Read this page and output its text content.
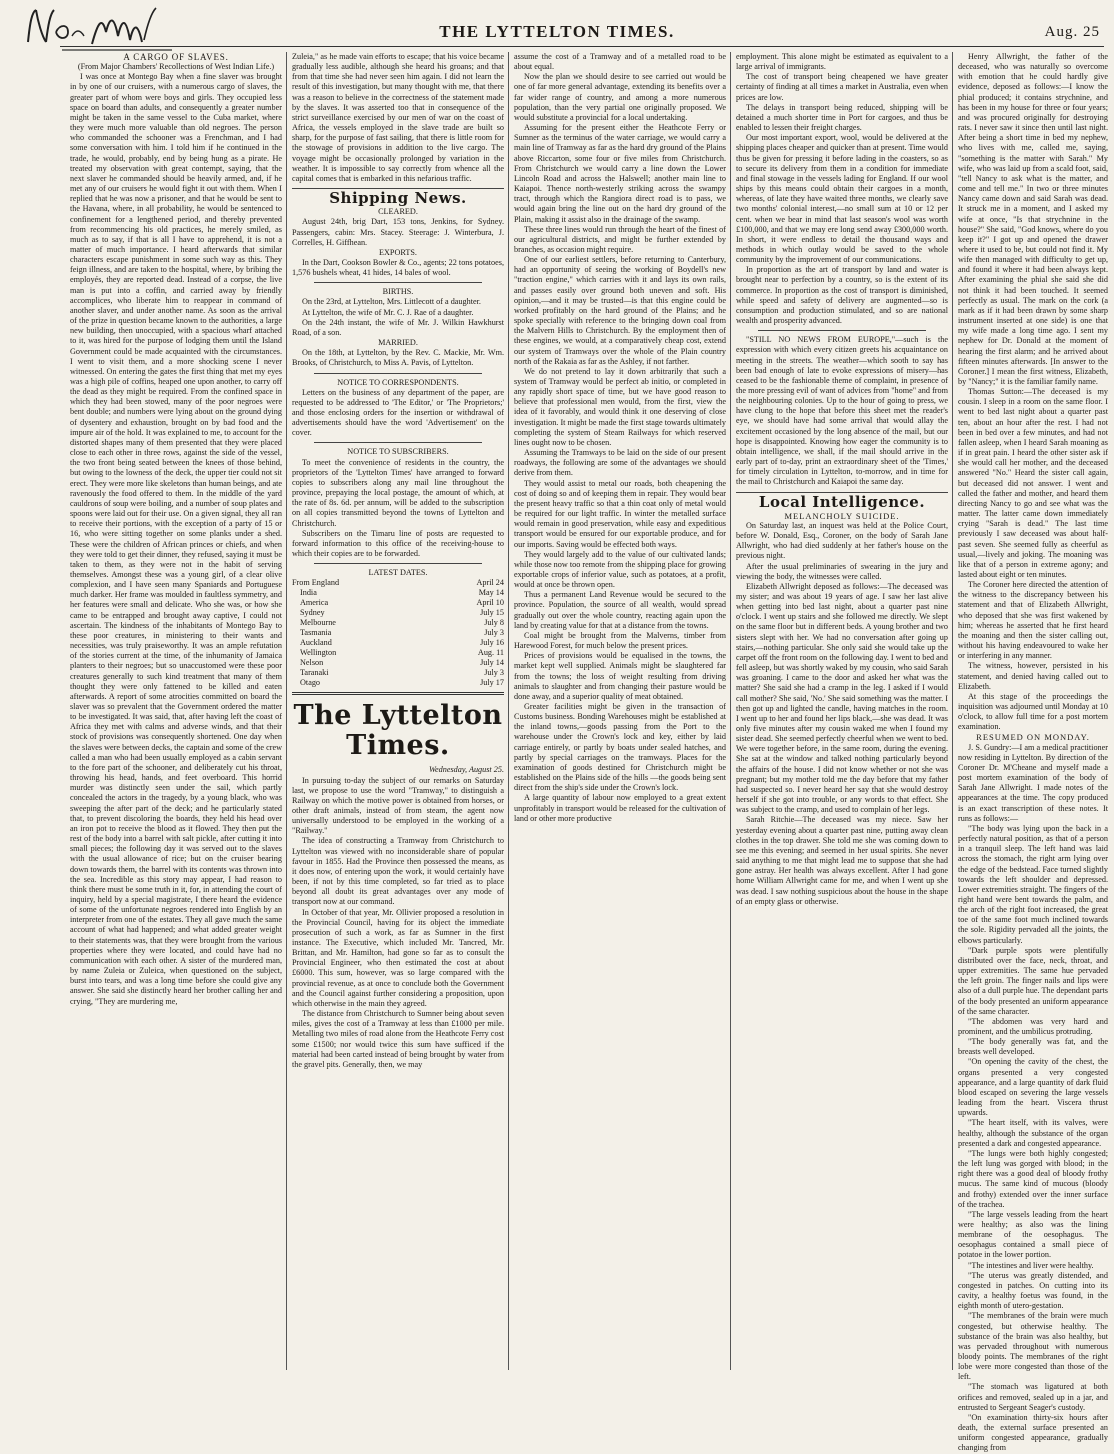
THE LYTTELTON TIMES.	Aug. 25

A CARGO OF SLAVES.

(From Major Chambers' Recollections of West Indian Life.)

I was once at Montego Bay when a fine slaver was brought in by one of our cruisers, with a numerous cargo of slaves, the greater part of whom were boys and girls. They occupied less space on board than adults, and consequently a greater number might be taken in the same vessel to the Cuba market, where they were much more valuable than old negroes. The person who commanded the schooner was a Frenchman, and I had some conversation with him. I told him if he continued in the trade, he would, probably, end by being hung as a pirate. He treated my observation with great contempt, saying, that the next slaver he commanded should be heavily armed, and, if he met any of our cruisers he would fight it out with them. When I replied that he was now a prisoner, and that he would be sent to the Havana, where, in all probability, he would be sentenced to confinement for a lengthened period, and thereby prevented from recommencing his old practices, he merely smiled, as much as to say, if that is all I have to apprehend, it is not a matter of much importance. I heard afterwards that similar characters escape punishment in some such way as this. They feign illness, and are taken to the hospital, where, by bribing the employés, they are reported dead. Instead of a corpse, the live man is put into a coffin, and carried away by friendly accomplices, who liberate him to reappear in command of another slaver, and under another name. As soon as the arrival of the prize in question became known to the authorities, a large new building, then unoccupied, with a spacious wharf attached to it, was hired for the purpose of lodging them until the Island Government could be made acquainted with the circumstances. I went to visit them, and a more shocking scene I never witnessed. On entering the gates the first thing that met my eyes was a high pile of coffins, heaped one upon another, to carry off the dead as they might be required. From the confined space in which they had been stowed, many of the poor negroes were bent double; and numbers were lying about on the ground dying of dysentery and exhaustion, brought on by bad food and the impure air of the hold. It was explained to me, to account for the distorted shapes many of them presented that they were placed close to each other in three rows, against the side of the vessel, the two front being seated between the knees of those behind, but owing to the lowness of the deck, the upper tier could not sit erect. They were more like skeletons than human beings, and ate ravenously the food offered to them. In the middle of the yard cauldrons of soup were boiling, and a number of soup plates and spoons were laid out for their use. On a given signal, they all ran to receive their portions, with the exception of a party of 15 or 16, who were sitting together on some planks under a shed. These were the children of African princes or chiefs, and when they were told to get their dinner, they refused, saying it must be taken to them, as they were not in the habit of serving themselves. Amongst these was a young girl, of a clear olive complexion, and I have seen many Spaniards and Portuguese much darker. Her frame was moulded in faultless symmetry, and her features were small and delicate. Who she was, or how she came to be entrapped and brought away captive, I could not ascertain. The kindness of the inhabitants of Montego Bay to these poor creatures, in ministering to their wants and necessities, was truly praiseworthy. It was an ample refutation of the stories current at the time, of the inhumanity of Jamaica planters to their negroes; but so unaccustomed were these poor creatures generally to such kind treatment that many of them thought they were only fattened to be killed and eaten afterwards. A report of some atrocities committed on board the slaver was so prevalent that the Government ordered the matter to be investigated. It was said, that, after having left the coast of Africa they met with calms and adverse winds, and that their stock of provisions was consequently shortened. One day when the slaves were between decks, the captain and some of the crew called a man who had been usually employed as a cabin servant to the fore part of the schooner, and deliberately cut his throat, throwing his head, hands, and feet overboard. This horrid murder was distinctly seen under the sail, which partly concealed the actors in the tragedy, by a young black, who was sweeping the after part of the deck; and he particularly stated that, to prevent discoloring the boards, they held his head over an iron pot to receive the blood as it flowed. They then put the rest of the body into a barrel with salt pickle, after cutting it into small pieces; the following day it was served out to the slaves with the usual allowance of rice; but on the cruiser bearing down towards them, the barrel with its contents was thrown into the sea. Incredible as this story may appear, I had reason to think there must be some truth in it, for, in attending the court of inquiry, held by a special magistrate, I there heard the evidence of some of the unfortunate negroes rendered into English by an interpreter from one of the estates. They all gave much the same account of what had happened; and what added greater weight to their statements was, that they were brought from the various properties where they were located, and could have had no communication with each other. A sister of the murdered man, by name Zuleia or Zuleica, when questioned on the subject, burst into tears, and was a long time before she could give any answer. She said she distinctly heard her brother calling her and crying, "They are murdering me,

Zuleia," as he made vain efforts to escape; that his voice became gradually less audible, although she heard his groans; and that from that time she had never seen him again. I did not learn the result of this investigation, but many thought with me, that there was a reason to believe in the correctness of the statement made by the slaves. It was asserted too that in consequence of the strict surveillance exercised by our men of war on the coast of Africa, the vessels employed in the slave trade are built so sharp, for the purpose of fast sailing, that there is little room for the stowage of provisions in addition to the live cargo. The voyage might be occasionally prolonged by variation in the weather. It is impossible to say correctly from whence all the capital comes that is embarked in this nefarious traffic.

Shipping News.

CLEARED.

August 24th, brig Dart, 153 tons, Jenkins, for Sydney. Passengers, cabin: Mrs. Stacey. Steerage: J. Winterbura, J. Correlles, H. Giffhean.

EXPORTS.

In the Dart, Cookson Bowler & Co., agents; 22 tons potatoes, 1,576 bushels wheat, 41 hides, 14 bales of wool.

BIRTHS.

On the 23rd, at Lyttelton, Mrs. Littlecott of a daughter.

At Lyttelton, the wife of Mr. C. J. Rae of a daughter.

On the 24th instant, the wife of Mr. J. Wilkin Hawkhurst Road, of a son.

MARRIED.

On the 18th, at Lyttelton, by the Rev. C. Mackie, Mr. Wm. Brooks, of Christchurch, to Miss A. Pavis, of Lyttelton.

NOTICE TO CORRESPONDENTS.

Letters on the business of any department of the paper, are requested to be addressed to 'The Editor,' or 'The Proprietors;' and those enclosing orders for the insertion or withdrawal of advertisements should have the word 'Advertisement' on the cover.

NOTICE TO SUBSCRIBERS.

To meet the convenience of residents in the country, the proprietors of the 'Lyttelton Times' have arranged to forward copies to subscribers along any mail line throughout the province, prepaying the local postage, the amount of which, at the rate of 8s. 6d. per annum, will be added to the subscription on all copies transmitted beyond the towns of Lyttelton and Christchurch.

Subscribers on the Timaru line of posts are requested to forward information to this office of the receiving-house to which their copies are to be forwarded.

LATEST DATES.

From England	April 24
India	May 14
America	April 10
Sydney	July 15
Melbourne	July 8
Tasmania	July 3
Auckland	July 16
Wellington	Aug. 11
Nelson	July 14
Taranaki	July 3
Otago	July 17

The Lyttelton Times.

Wednesday, August 25.

In pursuing to-day the subject of our remarks on Saturday last, we propose to use the word "Tramway," to distinguish a Railway on which the motive power is obtained from horses, or other draft animals, instead of from steam, the agent now universally understood to be employed in the working of a "Railway."

The idea of constructing a Tramway from Christchurch to Lyttelton was viewed with no inconsiderable share of popular favour in 1855. Had the Province then possessed the means, as it does now, of entering upon the work, it would certainly have been, if not by this time completed, so far tried as to place beyond all doubt its great advantages over any mode of transport now at our command.

In October of that year, Mr. Ollivier proposed a resolution in the Provincial Council, having for its object the immediate prosecution of such a work, as far as Sumner in the first instance. The Executive, which included Mr. Tancred, Mr. Brittan, and Mr. Hamilton, had gone so far as to consult the Provincial Engineer, who then estimated the cost at about £6000. This sum, however, was so large compared with the provincial revenue, as at once to conclude both the Government and the Council against further considering a proposition, upon which otherwise in the main they agreed.

The distance from Christchurch to Sumner being about seven miles, gives the cost of a Tramway at less than £1000 per mile. Metalling two miles of road alone from the Heathcote Ferry cost some £1500; nor would twice this sum have sufficed if the material had been carted instead of being brought by water from the gravel pits. Generally, then, we may

assume the cost of a Tramway and of a metalled road to be about equal.

Now the plan we should desire to see carried out would be one of far more general advantage, extending its benefits over a far wider range of country, and among a more numerous population, than the very partial one originally proposed. We would substitute a provincial for a local undertaking.

Assuming for the present either the Heathcote Ferry or Sumner as the terminus of the water carriage, we would carry a main line of Tramway as far as the hard dry ground of the Plains above Riccarton, some four or five miles from Christchurch. From Christchurch we would carry a line down the Lower Lincoln Road and across the Halswell; another main line to Kaiapoi. Thence north-westerly striking across the swampy tract, through which the Rangiora direct road is to pass, we would again bring the line out on the hard dry ground of the Plain, making it assist also in the drainage of the swamp.

These three lines would run through the heart of the finest of our agricultural districts, and might be further extended by branches, as occasion might require.

One of our earliest settlers, before returning to Canterbury, had an opportunity of seeing the working of Boydell's new "traction engine," which carries with it and lays its own rails, and passes easily over ground both uneven and soft. His opinion,—and it may be trusted—is that this engine could be worked profitably on the hard ground of the Plains; and he spoke specially with reference to the bringing down coal from the Malvern Hills to Christchurch. By the employment then of these engines, we would, at a comparatively cheap cost, extend our system of Tramways over the whole of the Plain country north of the Rakaia as far as the Ashley, if not farther.

We do not pretend to lay it down arbitrarily that such a system of Tramway would be perfect ab initio, or completed in any rapidly short space of time, but we have good reason to believe that professional men would, from the first, view the idea of it favorably, and would think it one deserving of close investigation. It might be made the first stage towards ultimately completing the system of Steam Railways for which reserved lines ought now to be chosen.

Assuming the Tramways to be laid on the side of our present roadways, the following are some of the advantages we should derive from them.

They would assist to metal our roads, both cheapening the cost of doing so and of keeping them in repair. They would bear the present heavy traffic so that a thin coat only of metal would be required for our light traffic. In winter the metalled surface would remain in good preservation, while easy and expeditious transport would be ensured for our exportable produce, and for our imports. Saving would be effected both ways.

They would largely add to the value of our cultivated lands; while those now too remote from the shipping place for growing exportable crops of inferior value, such as potatoes, at a profit, would at once be thrown open.

Thus a permanent Land Revenue would be secured to the province. Population, the source of all wealth, would spread gradually out over the whole country, reacting again upon the land by creating value for that at a distance from the towns.

Coal might be brought from the Malverns, timber from Harewood Forest, for much below the present prices.

Prices of provisions would be equalised in the towns, the market kept well supplied. Animals might be slaughtered far from the towns; the loss of weight resulting from driving animals to slaughter and from changing their pasture would be done away, and a superior quality of meat obtained.

Greater facilities might be given in the transaction of Customs business. Bonding Warehouses might be established at the inland towns,—goods passing from the Port to the warehouse under the Crown's lock and key, either by laid carriage entirely, or partly by boats under sealed hatches, and partly by special carriages on the tramways. Places for the examination of goods destined for Christchurch might be established on the Plains side of the hills —the goods being sent direct from the ship's side under the Crown's lock.

A large quantity of labour now employed to a great extent unprofitably in transport would be released for the cultivation of land or other more productive

employment. This alone might be estimated as equivalent to a large arrival of immigrants.

The cost of transport being cheapened we have greater certainty of finding at all times a market in Australia, even when prices are low.

The delays in transport being reduced, shipping will be detained a much shorter time in Port for cargoes, and thus be enabled to lessen their freight charges.

Our most important export, wool, would be delivered at the shipping places cheaper and quicker than at present. Time would thus be given for pressing it before lading in the coasters, so as to secure its delivery from them in a condition for immediate and final stowage in the vessels lading for England. If our wool ships by this means could obtain their cargoes in a month, whereas, of late they have waited three months, we clearly save two months' colonial interest,—no small sum at 10 or 12 per cent. when we bear in mind that last season's wool was worth £100,000, and that we may ere long send away £300,000 worth. In short, it were endless to detail the thousand ways and methods in which outlay would be saved to the whole community by the improvement of our communications.

In proportion as the art of transport by land and water is brought near to perfection by a country, so is the extent of its commerce. In proportion as the cost of transport is diminished, while speed and safety of delivery are augmented—so is consumption and production stimulated, and so are national wealth and prosperity advanced.

"STILL NO NEWS FROM EUROPE,"—such is the expression with which every citizen greets his acquaintance on meeting in the streets. The weather—which sooth to say has been bad enough of late to evoke expressions of misery—has ceased to be the fashionable theme of complaint, in presence of the more pressing evil of want of advices from "home" and from the neighbouring colonies. Up to the hour of going to press, we have clung to the hope that before this sheet met the reader's eye, we should have had some arrival that would allay the excitement occasioned by the long absence of the mail, but our hope is disappointed. Knowing how eager the community is to obtain intelligence, we shall, if the mail should arrive in the early part of to-day, print an extraordinary sheet of the 'Times,' for timely circulation in Lyttelton, to-morrow, and in time for the mail to Christchurch and Kaiapoi the same day.

Local Intelligence.

MELANCHOLY SUICIDE.

On Saturday last, an inquest was held at the Police Court, before W. Donald, Esq., Coroner, on the body of Sarah Jane Allwright, who had died suddenly at her father's house on the previous night.

After the usual preliminaries of swearing in the jury and viewing the body, the witnesses were called.

Elizabeth Allwright deposed as follows:—The deceased was my sister; and was about 19 years of age. I saw her last alive when getting into bed last night, about a quarter past nine o'clock. I went up stairs and she followed me directly. We slept on the same floor but in different beds. A young brother and two sisters slept with her. We had no conversation after going up stairs,—nothing particular. She only said she would take up the carpet off the front room on the following day. I went to bed and fell asleep, but was shortly waked by my cousin, who said Sarah was groaning. I came to the door and asked her what was the matter? She said she had a cramp in the leg. I asked if I would call mother? She said, 'No.' She said something was the matter. I then got up and lighted the candle, having matches in the room. I went up to her and found her lips black,—she was dead. It was only five minutes after my cousin waked me when I found my sister dead. She seemed perfectly cheerful when we went to bed. We were together before, in the same room, during the evening. She sat at the window and talked nothing particularly beyond the affairs of the house. I did not know whether or not she was pregnant; but my mother told me the day before that my father had suspected so. I never heard her say that she would destroy herself if she got into trouble, or any words to that effect. She was subject to the cramp, and used to complain of her legs.

Sarah Ritchie—The deceased was my niece. Saw her yesterday evening about a quarter past nine, putting away clean clothes in the top drawer. She told me she was coming down to see me this evening; and seemed in her usual spirits. She never said anything to me that might lead me to suppose that she had gone astray. Her health was always excellent. After I had gone home William Allwright came for me, and when I went up she was dead. I saw nothing suspicious about the house in the shape of an empty glass or otherwise.

Henry Allwright, the father of the deceased, who was naturally so overcome with emotion that he could hardly give evidence, deposed as follows:—I know the phial produced; it contains strychnine, and has been in my house for three or four years; and was procured originally for destroying rats. I never saw it since then until last night. After being a short time in bed my nephew, who lives with me, called me, saying, "something is the matter with Sarah." My wife, who was laid up from a scald foot, said, "tell Nancy to ask what is the matter, and come and tell me." In two or three minutes Nancy came down and said Sarah was dead. It struck me in a moment, and I asked my wife at once, "Is that strychnine in the house?" She said, "God knows, where do you keep it?" I got up and opened the drawer where it used to be, but could not find it. My wife then managed with difficulty to get up, and found it where it had been always kept. After examining the phial she said she did not think it had been touched. It seemed perfectly as usual. The mark on the cork (a mark as if it had been drawn by some sharp instrument inserted at one side) is one that my wife made a long time ago. I sent my nephew for Dr. Donald at the moment of hearing the first alarm; and he arrived about fifteen minutes afterwards. [In answer to the Coroner.] I mean the first witness, Elizabeth, by "Nancy;" it is the familiar family name.

Thomas Sutton:—The deceased is my cousin. I sleep in a room on the same floor. I went to bed last night about a quarter past ten, about an hour after the rest. I had not been in bed over a few minutes, and had not fallen asleep, when I heard Sarah moaning as if in great pain. I heard the other sister ask if she would call her mother, and the deceased answered "No." Heard the sister call again, but deceased did not answer. I went and called the father and mother, and heard them directing Nancy to go and see what was the matter. The latter came down immediately crying "Sarah is dead." The last time previously I saw deceased was about half-past seven. She seemed fully as cheerful as usual,—lively and joking. The moaning was like that of a person in extreme agony; and lasted about eight or ten minutes.

The Coroner here directed the attention of the witness to the discrepancy between his statement and that of Elizabeth Allwright, who deposed that she was first wakened by him; whereas he asserted that he first heard the moaning and then the sister calling out, without his having endeavoured to wake her or interfering in any manner.

The witness, however, persisted in his statement, and denied having called out to Elizabeth.

At this stage of the proceedings the inquisition was adjourned until Monday at 10 o'clock, to allow full time for a post mortem examination.

RESUMED ON MONDAY.

J. S. Gundry:—I am a medical practitioner now residing in Lyttelton. By direction of the Coroner Dr. M'Cheane and myself made a post mortem examination of the body of Sarah Jane Allwright. I made notes of the appearances at the time. The copy produced is an exact transcription of these notes. It runs as follows:—

"The body was lying upon the back in a perfectly natural position, as that of a person in a tranquil sleep. The left hand was laid across the stomach, the right arm lying over the edge of the bedstead. Face turned slightly towards the left shoulder and depressed. Lower extremities straight. The fingers of the right hand were bent towards the palm, and the arch of the right foot increased, the great toe of the same foot much inclined towards the sole. Rigidity pervaded all the joints, the elbows particularly.

"Dark purple spots were plentifully distributed over the face, neck, throat, and upper extremities. The same hue pervaded the left groin. The finger nails and lips were also of a dull purple hue. The dependant parts of the body presented an uniform appearance of the same character.

"The abdomen was very hard and prominent, and the umbilicus protruding.

"The body generally was fat, and the breasts well developed.

"On opening the cavity of the chest, the organs presented a very congested appearance, and a large quantity of dark fluid blood escaped on severing the large vessels leading from the heart. Viscera thrust upwards.

"The heart itself, with its valves, were healthy, although the substance of the organ presented a dark and congested appearance.

"The lungs were both highly congested; the left lung was gorged with blood; in the right there was a good deal of bloody frothy mucus. The same kind of mucous (bloody and frothy) extended over the inner surface of the trachea.

"The large vessels leading from the heart were healthy; as also was the lining membrane of the oesophagus. The oesophagus contained a small piece of potatoe in the lower portion.

"The intestines and liver were healthy.

"The uterus was greatly distended, and congested in patches. On cutting into its cavity, a healthy foetus was found, in the eighth month of utero-gestation.

"The membranes of the brain were much congested, but otherwise healthy. The substance of the brain was also healthy, but was pervaded throughout with numerous bloody points. The membranes of the right lobe were more congested than those of the left.

"The stomach was ligatured at both orifices and removed, sealed up in a jar, and entrusted to Sergeant Seager's custody.

"On examination thirty-six hours after death, the external surface presented an uniform congested appearance, gradually changing from
